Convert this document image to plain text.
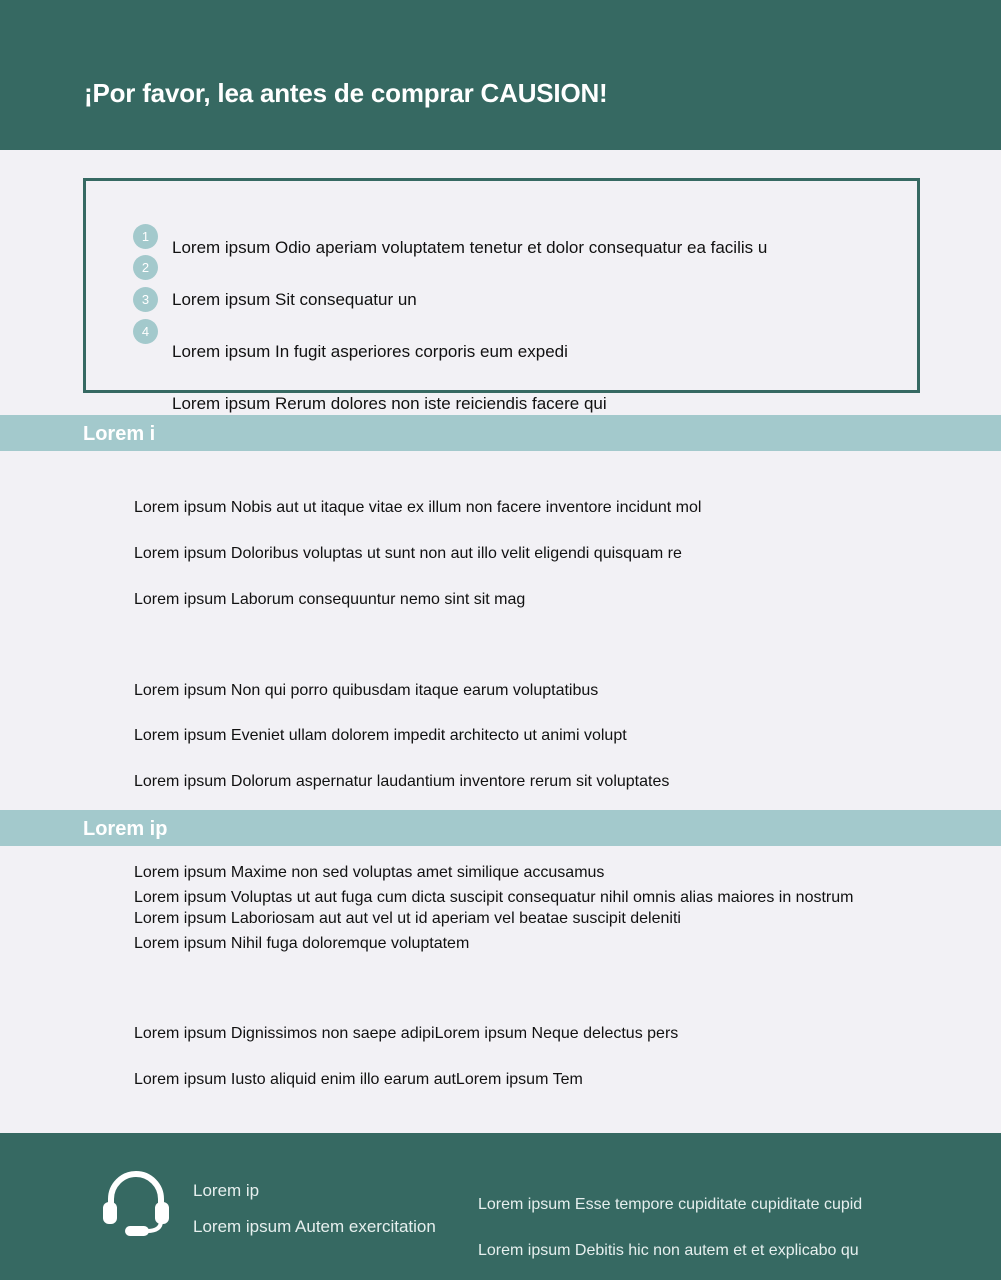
¡Por favor, lea antes de comprar CAUSION!
1
2
3
4
Lorem ipsum Odio aperiam voluptatem tenetur et dolor consequatur ea facilis u
Lorem ipsum Sit consequatur un
Lorem ipsum In fugit asperiores corporis eum expedi
Lorem ipsum Rerum dolores non iste reiciendis facere qui
Lorem i
Lorem ipsum Nobis aut ut itaque vitae ex illum non facere inventore incidunt mol
Lorem ipsum Doloribus voluptas ut sunt non aut illo velit eligendi quisquam re
Lorem ipsum Laborum consequuntur nemo sint sit mag
Lorem ipsum Non qui porro quibusdam itaque earum voluptatibus
Lorem ipsum Eveniet ullam dolorem impedit architecto ut animi volupt
Lorem ipsum Dolorum aspernatur laudantium inventore rerum sit voluptates
Lorem ip
Lorem ipsum Maxime non sed voluptas amet similique accusamus
Lorem ipsum Voluptas ut aut fuga cum dicta suscipit consequatur nihil omnis alias maiores in nostrum
Lorem ipsum Laboriosam aut aut vel ut id aperiam vel beatae suscipit deleniti
Lorem ipsum Nihil fuga doloremque voluptatem
Lorem ipsum Dignissimos non saepe adipiLorem ipsum Neque delectus pers
Lorem ipsum Iusto aliquid enim illo earum autLorem ipsum Tem
Lorem ip
Lorem ipsum Autem exercitation
Lorem ipsum Esse tempore cupiditate cupiditate cupid
Lorem ipsum Debitis hic non autem et et explicabo qu
